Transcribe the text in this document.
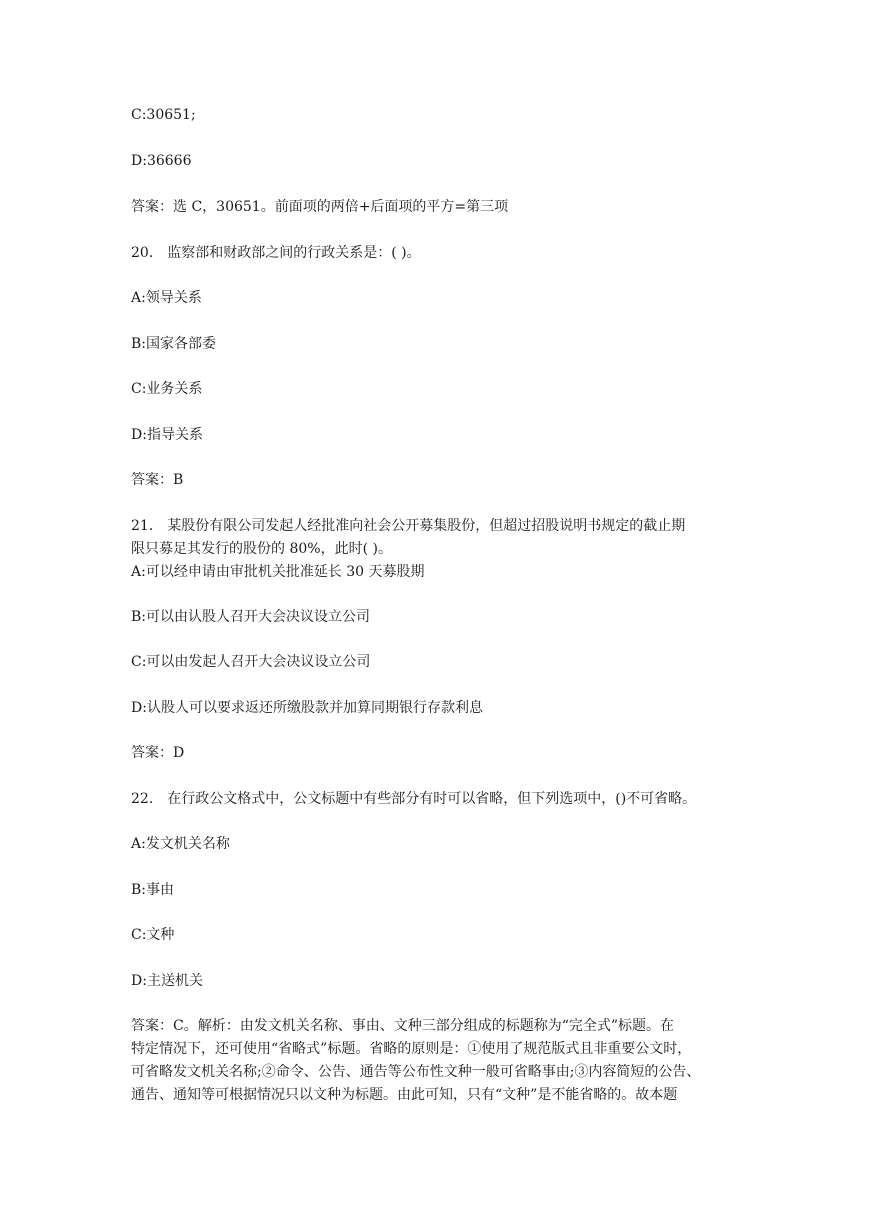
C:30651;

D:36666

答案：选 C，30651。前面项的两倍+后面项的平方=第三项

20． 监察部和财政部之间的行政关系是：( )。

A:领导关系

B:国家各部委

C:业务关系

D:指导关系

答案：B

21． 某股份有限公司发起人经批准向社会公开募集股份，但超过招股说明书规定的截止期

限只募足其发行的股份的 80%，此时( )。

A:可以经申请由审批机关批准延长 30 天募股期

B:可以由认股人召开大会决议设立公司

C:可以由发起人召开大会决议设立公司

D:认股人可以要求返还所缴股款并加算同期银行存款利息

答案：D

22． 在行政公文格式中，公文标题中有些部分有时可以省略，但下列选项中，()不可省略。

A:发文机关名称

B:事由

C:文种

D:主送机关

答案：C。解析：由发文机关名称、事由、文种三部分组成的标题称为“完全式”标题。在

特定情况下，还可使用“省略式”标题。省略的原则是：①使用了规范版式且非重要公文时，

可省略发文机关名称;②命令、公告、通告等公布性文种一般可省略事由;③内容简短的公告、

通告、通知等可根据情况只以文种为标题。由此可知，只有“文种”是不能省略的。故本题
